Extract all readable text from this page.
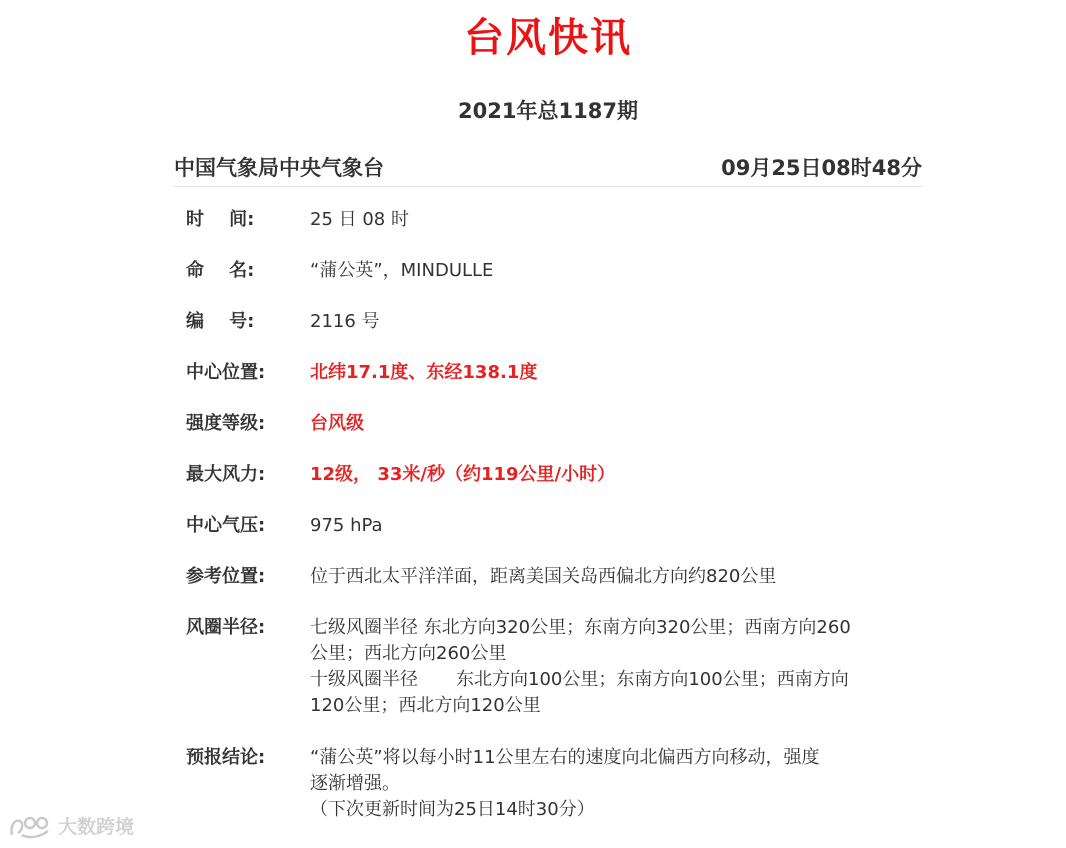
台风快讯
2021年总1187期
中国气象局中央气象台	09月25日08时48分
时    间:	25 日 08 时
命    名:	“蒲公英”，MINDULLE
编    号:	2116 号
中心位置:	北纬17.1度、东经138.1度
强度等级:	台风级
最大风力:	12级， 33米/秒（约119公里/小时）
中心气压:	975 hPa
参考位置:	位于西北太平洋洋面，距离美国关岛西偏北方向约820公里
风圈半径:	七级风圈半径 东北方向320公里；东南方向320公里；西南方向260
公里；西北方向260公里
十级风圈半径 东北方向100公里；东南方向100公里；西南方向
120公里；西北方向120公里
预报结论:	“蒲公英”将以每小时11公里左右的速度向北偏西方向移动，强度
逐渐增强。
（下次更新时间为25日14时30分）
大数跨境
